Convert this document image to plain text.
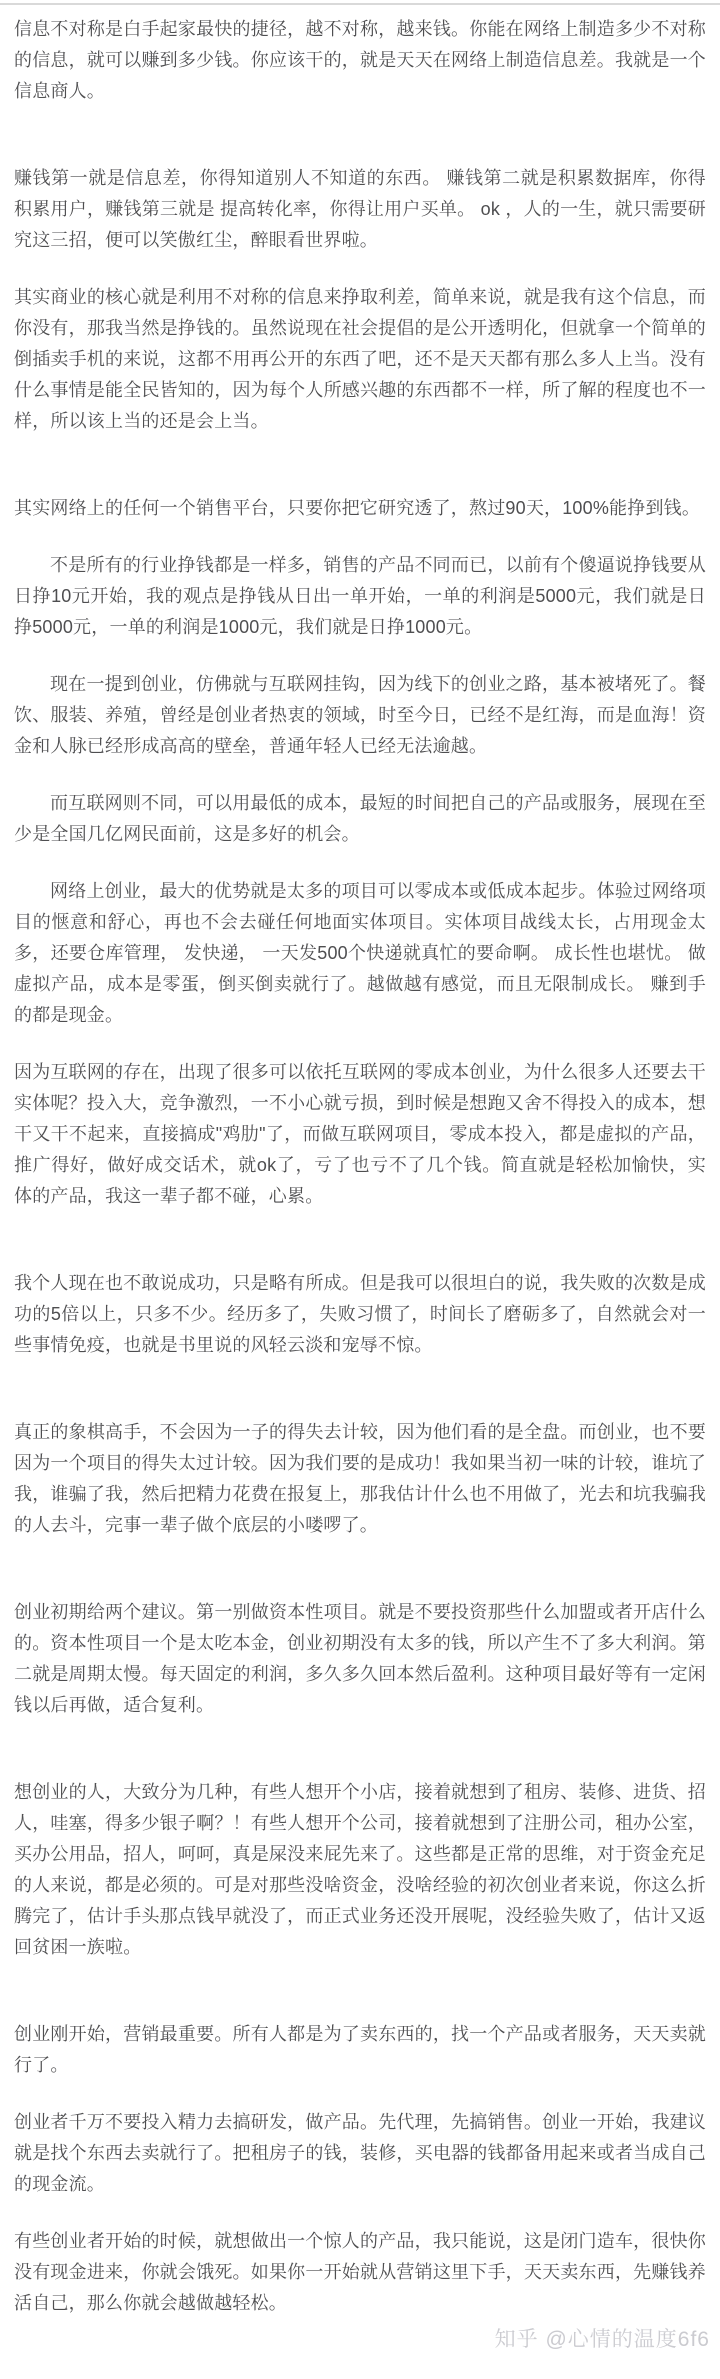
信息不对称是白手起家最快的捷径，越不对称，越来钱。你能在网络上制造多少不对称的信息，就可以赚到多少钱。你应该干的，就是天天在网络上制造信息差。我就是一个信息商人。

赚钱第一就是信息差，你得知道别人不知道的东西。 赚钱第二就是积累数据库，你得积累用户，赚钱第三就是 提高转化率，你得让用户买单。 ok ，人的一生，就只需要研究这三招，便可以笑傲红尘，醉眼看世界啦。

其实商业的核心就是利用不对称的信息来挣取利差，简单来说，就是我有这个信息，而你没有，那我当然是挣钱的。虽然说现在社会提倡的是公开透明化，但就拿一个简单的倒插卖手机的来说，这都不用再公开的东西了吧，还不是天天都有那么多人上当。没有什么事情是能全民皆知的，因为每个人所感兴趣的东西都不一样，所了解的程度也不一样，所以该上当的还是会上当。

其实网络上的任何一个销售平台，只要你把它研究透了，熬过90天，100%能挣到钱。

不是所有的行业挣钱都是一样多，销售的产品不同而已，以前有个傻逼说挣钱要从日挣10元开始，我的观点是挣钱从日出一单开始，一单的利润是5000元，我们就是日挣5000元，一单的利润是1000元，我们就是日挣1000元。

现在一提到创业，仿佛就与互联网挂钩，因为线下的创业之路，基本被堵死了。餐饮、服装、养殖，曾经是创业者热衷的领域，时至今日，已经不是红海，而是血海！资金和人脉已经形成高高的壁垒，普通年轻人已经无法逾越。

而互联网则不同，可以用最低的成本，最短的时间把自己的产品或服务，展现在至少是全国几亿网民面前，这是多好的机会。

网络上创业，最大的优势就是太多的项目可以零成本或低成本起步。体验过网络项目的惬意和舒心，再也不会去碰任何地面实体项目。实体项目战线太长，占用现金太多，还要仓库管理， 发快递， 一天发500个快递就真忙的要命啊。 成长性也堪忧。 做虚拟产品，成本是零蛋，倒买倒卖就行了。越做越有感觉，而且无限制成长。 赚到手的都是现金。

因为互联网的存在，出现了很多可以依托互联网的零成本创业，为什么很多人还要去干实体呢？投入大，竞争激烈，一不小心就亏损，到时候是想跑又舍不得投入的成本，想干又干不起来，直接搞成"鸡肋"了，而做互联网项目，零成本投入，都是虚拟的产品，推广得好，做好成交话术，就ok了，亏了也亏不了几个钱。简直就是轻松加愉快，实体的产品，我这一辈子都不碰，心累。

我个人现在也不敢说成功，只是略有所成。但是我可以很坦白的说，我失败的次数是成功的5倍以上，只多不少。经历多了，失败习惯了，时间长了磨砺多了，自然就会对一些事情免疫，也就是书里说的风轻云淡和宠辱不惊。

真正的象棋高手，不会因为一子的得失去计较，因为他们看的是全盘。而创业，也不要因为一个项目的得失太过计较。因为我们要的是成功！我如果当初一味的计较，谁坑了我，谁骗了我，然后把精力花费在报复上，那我估计什么也不用做了，光去和坑我骗我的人去斗，完事一辈子做个底层的小喽啰了。

创业初期给两个建议。第一别做资本性项目。就是不要投资那些什么加盟或者开店什么的。资本性项目一个是太吃本金，创业初期没有太多的钱，所以产生不了多大利润。第二就是周期太慢。每天固定的利润，多久多久回本然后盈利。这种项目最好等有一定闲钱以后再做，适合复利。

想创业的人，大致分为几种，有些人想开个小店，接着就想到了租房、装修、进货、招人，哇塞，得多少银子啊？！有些人想开个公司，接着就想到了注册公司，租办公室，买办公用品，招人，呵呵，真是屎没来屁先来了。这些都是正常的思维，对于资金充足的人来说，都是必须的。可是对那些没啥资金，没啥经验的初次创业者来说，你这么折腾完了，估计手头那点钱早就没了，而正式业务还没开展呢，没经验失败了，估计又返回贫困一族啦。

创业刚开始，营销最重要。所有人都是为了卖东西的，找一个产品或者服务，天天卖就行了。

创业者千万不要投入精力去搞研发，做产品。先代理，先搞销售。创业一开始，我建议就是找个东西去卖就行了。把租房子的钱，装修，买电器的钱都备用起来或者当成自己的现金流。

有些创业者开始的时候，就想做出一个惊人的产品，我只能说，这是闭门造车，很快你没有现金进来，你就会饿死。如果你一开始就从营销这里下手，天天卖东西，先赚钱养活自己，那么你就会越做越轻松。

知乎 @心情的温度6f6
